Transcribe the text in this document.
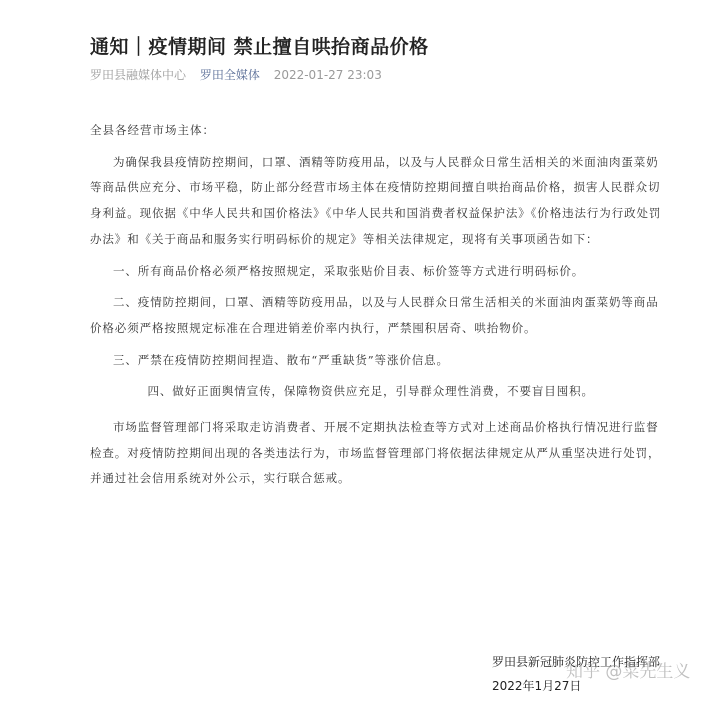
通知｜疫情期间 禁止擅自哄抬商品价格
罗田县融媒体中心 罗田全媒体 2022-01-27 23:03

全县各经营市场主体：

为确保我县疫情防控期间，口罩、酒精等防疫用品，以及与人民群众日常生活相关的米面油肉蛋菜奶等商品供应充分、市场平稳，防止部分经营市场主体在疫情防控期间擅自哄抬商品价格，损害人民群众切身利益。现依据《中华人民共和国价格法》《中华人民共和国消费者权益保护法》《价格违法行为行政处罚办法》和《关于商品和服务实行明码标价的规定》等相关法律规定，现将有关事项函告如下：

一、所有商品价格必须严格按照规定，采取张贴价目表、标价签等方式进行明码标价。

二、疫情防控期间，口罩、酒精等防疫用品，以及与人民群众日常生活相关的米面油肉蛋菜奶等商品价格必须严格按照规定标准在合理进销差价率内执行，严禁囤积居奇、哄抬物价。

三、严禁在疫情防控期间捏造、散布“严重缺货”等涨价信息。

四、做好正面舆情宣传，保障物资供应充足，引导群众理性消费，不要盲目囤积。

市场监督管理部门将采取走访消费者、开展不定期执法检查等方式对上述商品价格执行情况进行监督检查。对疫情防控期间出现的各类违法行为，市场监督管理部门将依据法律规定从严从重坚决进行处罚，并通过社会信用系统对外公示，实行联合惩戒。

罗田县新冠肺炎防控工作指挥部
2022年1月27日
知乎 @菜先生义
